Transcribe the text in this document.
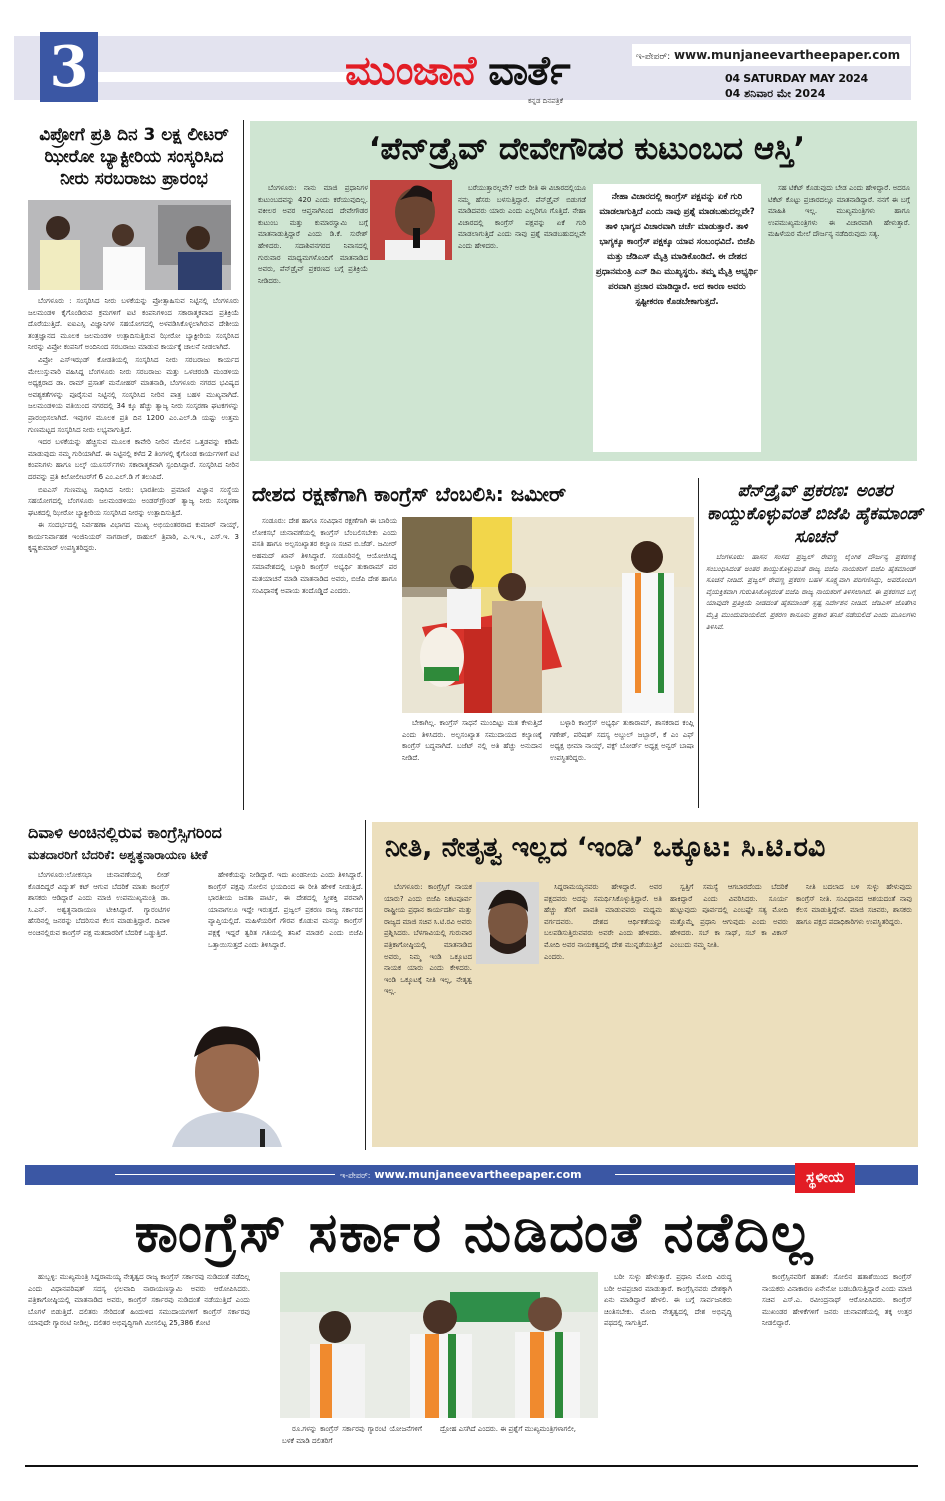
3	ಮುಂಜಾನೆ ವಾರ್ತೆ
ಕನ್ನಡ ದಿನಪತ್ರಿಕೆ
ಇ-ಪೇಪರ್: www.munjaneevartheepaper.com
04 SATURDAY MAY 2024
04 ಶನಿವಾರ ಮೇ 2024
ವಿಪ್ರೋಗೆ ಪ್ರತಿ ದಿನ 3 ಲಕ್ಷ ಲೀಟರ್ ಝೀರೋ ಬ್ಯಾಕ್ಟೀರಿಯ ಸಂಸ್ಕರಿಸಿದ ನೀರು ಸರಬರಾಜು ಪ್ರಾರಂಭ

ಬೆಂಗಳೂರು : ಸಂಸ್ಕರಿಸಿದ ನೀರು ಬಳಕೆಯನ್ನು ಪ್ರೋತ್ಸಾಹಿಸುವ ನಿಟ್ಟಿನಲ್ಲಿ ಬೆಂಗಳೂರು ಜಲಮಂಡಳಿ ಕೈಗೊಂಡಿರುವ ಕ್ರಮಗಳಿಗೆ ಐಟಿ ಕಂಪನಿಗಳಿಂದ ಸಕಾರಾತ್ಮಕವಾದ ಪ್ರತಿಕ್ರಿಯೆ ದೊರೆಯುತ್ತಿದೆ. ಐಐಎಸ್ಸಿ ವಿಜ್ಞಾನಿಗಳ ಸಹಯೋಗದಲ್ಲಿ ಅಳವಡಿಸಿಕೊಳ್ಳಲಾಗಿರುವ ದೇಶೀಯ ತಂತ್ರಜ್ಞಾನದ ಮೂಲಕ ಜಲಮಂಡಳಿ ಉತ್ಪಾದಿಸುತ್ತಿರುವ ಝೀರೋ ಬ್ಯಾಕ್ಟೀರಿಯ ಸಂಸ್ಕರಿಸಿದ ನೀರನ್ನು ವಿಪ್ರೋ ಕಂಪನಿಗೆ ಅಂದಿನಿಂದ ಸರಬರಾಜು ಮಾಡುವ ಕಾರ್ಯಕ್ಕೆ ಚಾಲನೆ ನೀಡಲಾಗಿದೆ.

ವಿಪ್ರೋ ಎಸ್‌ಇಝಡ್ ಕೋಡತಿಯಲ್ಲಿ ಸಂಸ್ಕರಿಸಿದ ನೀರು ಸರಬರಾಜು ಕಾರ್ಯದ ಮೇಲುಸ್ತುವಾರಿ ವಹಿಸಿದ್ದ ಬೆಂಗಳೂರು ನೀರು ಸರಬರಾಜು ಮತ್ತು ಒಳಚರಂಡಿ ಮಂಡಳಿಯ ಅಧ್ಯಕ್ಷರಾದ ಡಾ. ರಾಮ್ ಪ್ರಸಾತ್ ಮನೋಹರ್ ಮಾತನಾಡಿ, ಬೆಂಗಳೂರು ನಗರದ ಭವಿಷ್ಯದ ಅವಶ್ಯಕತೆಗಳನ್ನು ಪೂರೈಸುವ ನಿಟ್ಟಿನಲ್ಲಿ ಸಂಸ್ಕರಿಸಿದ ನೀರಿನ ಪಾತ್ರ ಬಹಳ ಮುಖ್ಯವಾಗಿದೆ. ಜಲಮಂಡಳಿಯ ವತಿಯಿಂದ ನಗರದಲ್ಲಿ 34 ಕ್ಕೂ ಹೆಚ್ಚು ತ್ಯಾಜ್ಯ ನೀರು ಸಂಸ್ಕರಣಾ ಘಟಕಗಳನ್ನು ಪ್ರಾರಂಭಿಸಲಾಗಿದೆ. ಇವುಗಳ ಮೂಲಕ ಪ್ರತಿ ದಿನ 1200 ಎಂ.ಎಲ್.ಡಿ ಯಷ್ಟು ಉತ್ತಮ ಗುಣಮಟ್ಟದ ಸಂಸ್ಕರಿಸಿದ ನೀರು ಲಭ್ಯವಾಗುತ್ತಿದೆ.

ಇದರ ಬಳಕೆಯನ್ನು ಹೆಚ್ಚಿಸುವ ಮೂಲಕ ಕಾವೇರಿ ನೀರಿನ ಮೇಲಿನ ಒತ್ತಡವನ್ನು ಕಡಿಮೆ ಮಾಡುವುದು ನಮ್ಮ ಗುರಿಯಾಗಿದೆ. ಈ ನಿಟ್ಟಿನಲ್ಲಿ ಕಳೆದ 2 ತಿಂಗಳಲ್ಲಿ ಕೈಗೊಂಡ ಕಾರ್ಯಗಳಿಗೆ ಐಟಿ ಕಂಪನಿಗಳು ಹಾಗೂ ಬಲ್ಕ್ ಯೂಸರ್ಸ್‌ಗಳು ಸಕಾರಾತ್ಮಕವಾಗಿ ಸ್ಪಂದಿಸಿದ್ದಾರೆ. ಸಂಸ್ಕರಿಸಿದ ನೀರಿನ ದರವನ್ನು ಪ್ರತಿ ಕಿಲೋಲೀಟರ್‌ಗೆ 6 ಎಂ.ಎಲ್.ಡಿ ಗೆ ತಲುಪಿದೆ.

ಬಿಐಎಸ್ ಗುಣಮಟ್ಟ ಸಾಧಿಸಿದ ನೀರು: ಭಾರತೀಯ ಪ್ರಮಾಣಿ ವಿಜ್ಞಾನ ಸಂಸ್ಥೆಯ ಸಹಯೋಗದಲ್ಲಿ ಬೆಂಗಳೂರು ಜಲಮಂಡಳಿಯು ಅಂಡರ್‌ಗ್ರೌಂಡ್ ತ್ಯಾಜ್ಯ ನೀರು ಸಂಸ್ಕರಣಾ ಘಟಕದಲ್ಲಿ ಝೀರೋ ಬ್ಯಾಕ್ಟೀರಿಯ ಸಂಸ್ಕರಿಸಿದ ನೀರನ್ನು ಉತ್ಪಾದಿಸುತ್ತಿದೆ.

ಈ ಸಂದರ್ಭದಲ್ಲಿ ನಿರ್ವಹಣಾ ವಿಭಾಗದ ಮುಖ್ಯ ಅಭಿಯಂತರರಾದ ಕುಮಾರ್ ನಾಯ್ಕ್, ಕಾರ್ಯನಿರ್ವಾಹಕ ಇಂಜಿನಿಯರ್ ನಾಗರಾಜ್, ರಾಹುಲ್ ತ್ರಿಪಾಠಿ, ಎ.ಇ.ಇ., ಎಸ್.ಇ. 3 ಕೃಷ್ಣಕುಮಾರ್ ಉಪಸ್ಥಿತರಿದ್ದರು.

‘ಪೆನ್‌ಡ್ರೈವ್ ದೇವೇಗೌಡರ ಕುಟುಂಬದ ಆಸ್ತಿ’

ಬೆಂಗಳೂರು: ನಾನು ಮಾಜಿ ಪ್ರಧಾನಿಗಳ ಕುಟುಂಬದವನ್ನು 420 ಎಂದು ಕರೆಯುವುದಿಲ್ಲ. ವಕೀಲರ ಅವರ ಆಪ್ತನಾಗಿನಿಂದ ದೇವೇಗೌಡರ ಕುಟುಂಬ ಮತ್ತು ಕುಮಾರಸ್ವಾಮಿ ಬಗ್ಗೆ ಮಾತನಾಡುತ್ತಿದ್ದಾರೆ ಎಂದು ಡಿ.ಕೆ. ಸುರೇಶ್ ಹೇಳಿದರು. ಸದಾಶಿವನಗರದ ನಿವಾಸದಲ್ಲಿ ಗುರುವಾರ ಮಾಧ್ಯಮಗಳೊಂದಿಗೆ ಮಾತನಾಡಿದ ಅವರು, ಪೆನ್‌ಡ್ರೈವ್ ಪ್ರಕರಣದ ಬಗ್ಗೆ ಪ್ರತಿಕ್ರಿಯೆ ನೀಡಿದರು.

ಬರೆಯುತ್ತಾರಲ್ಲವೇ? ಅದೇ ರೀತಿ ಈ ವಿಚಾರದಲ್ಲಿಯೂ ನಮ್ಮ ಹೆಸರು ಬಳಸುತ್ತಿದ್ದಾರೆ. ಪೆನ್‌ಡ್ರೈವ್ ಬಿಡುಗಡೆ ಮಾಡಿದವರು ಯಾರು ಎಂದು ಎಲ್ಲರಿಗೂ ಗೊತ್ತಿದೆ. ನೇಹಾ ವಿಚಾರದಲ್ಲಿ ಕಾಂಗ್ರೆಸ್ ಪಕ್ಷವನ್ನು ಏಕೆ ಗುರಿ ಮಾಡಲಾಗುತ್ತಿದೆ ಎಂದು ನಾವು ಪ್ರಶ್ನೆ ಮಾಡಬಹುದಲ್ಲವೇ ಎಂದು ಹೇಳಿದರು.

ನೇಹಾ ವಿಚಾರದಲ್ಲಿ ಕಾಂಗ್ರೆಸ್ ಪಕ್ಷವನ್ನು ಏಕೆ ಗುರಿ ಮಾಡಲಾಗುತ್ತಿದೆ ಎಂದು ನಾವು ಪ್ರಶ್ನೆ ಮಾಡಬಹುದಲ್ಲವೇ? ತಾಳಿ ಭಾಗ್ಯದ ವಿಚಾರವಾಗಿ ಚರ್ಚೆ ಮಾಡುತ್ತಾರೆ. ತಾಳಿ ಭಾಗ್ಯಕ್ಕೂ ಕಾಂಗ್ರೆಸ್ ಪಕ್ಷಕ್ಕೂ ಯಾವ ಸಂಬಂಧವಿದೆ. ಬಿಜೆಪಿ ಮತ್ತು ಜೆಡಿಎಸ್ ಮೈತ್ರಿ ಮಾಡಿಕೊಂಡಿದೆ. ಈ ದೇಶದ ಪ್ರಧಾನಮಂತ್ರಿ ಎನ್ ಡಿಎ ಮುಖ್ಯಸ್ಥರು. ತಮ್ಮ ಮೈತ್ರಿ ಅಭ್ಯರ್ಥಿ ಪರವಾಗಿ ಪ್ರಚಾರ ಮಾಡಿದ್ದಾರೆ. ಅದ ಕಾರಣ ಅವರು ಸ್ಪಷ್ಟೀಕರಣ ಕೊಡಬೇಕಾಗುತ್ತದೆ.

ಸಹ ಟಿಕೆಟ್ ಕೊಡುವುದು ಬೇಡ ಎಂದು ಹೇಳಿದ್ದಾರೆ. ಅದರೂ ಟಿಕೆಟ್ ಕೊಟ್ಟು ಪ್ರಚಾರದಲ್ಲೂ ಮಾತನಾಡಿದ್ದಾರೆ. ನನಗೆ ಈ ಬಗ್ಗೆ ಮಾಹಿತಿ ಇಲ್ಲ. ಮುಖ್ಯಮಂತ್ರಿಗಳು ಹಾಗೂ ಉಪಮುಖ್ಯಮಂತ್ರಿಗಳು ಈ ವಿಚಾರವಾಗಿ ಹೇಳುತ್ತಾರೆ. ಮಹಿಳೆಯರ ಮೇಲೆ ದೌರ್ಜನ್ಯ ನಡೆದಿರುವುದು ಸತ್ಯ.

ದೇಶದ ರಕ್ಷಣೆಗಾಗಿ ಕಾಂಗ್ರೆಸ್ ಬೆಂಬಲಿಸಿ: ಜಮೀರ್

ಸಂಡೂರು: ದೇಶ ಹಾಗೂ ಸಂವಿಧಾನ ರಕ್ಷಣೆಗಾಗಿ ಈ ಬಾರಿಯ ಲೋಕಸಭೆ ಚುನಾವಣೆಯಲ್ಲಿ ಕಾಂಗ್ರೆಸ್ ಬೆಂಬಲಿಸಬೇಕು ಎಂದು ವಸತಿ ಹಾಗೂ ಅಲ್ಪಸಂಖ್ಯಾತರ ಕಲ್ಯಾಣ ಸಚಿವ ಬಿ.ಜೆಡ್. ಜಮೀರ್ ಅಹಮದ್ ಖಾನ್ ತಿಳಿಸಿದ್ದಾರೆ. ಸಂಡೂರಿನಲ್ಲಿ ಆಯೋಜಿಸಿದ್ದ ಸಮಾವೇಶದಲ್ಲಿ ಬಳ್ಳಾರಿ ಕಾಂಗ್ರೆಸ್ ಅಭ್ಯರ್ಥಿ ತುಕಾರಾಮ್ ಪರ ಮತಯಾಚನೆ ಮಾಡಿ ಮಾತನಾಡಿದ ಅವರು, ಬಿಜೆಪಿ ದೇಶ ಹಾಗೂ ಸಂವಿಧಾನಕ್ಕೆ ಅಪಾಯ ತಂದೊಡ್ಡಿದೆ ಎಂದರು.

ಬೇಕಾಗಿಲ್ಲ. ಕಾಂಗ್ರೆಸ್ ಸಾಧನೆ ಮುಂದಿಟ್ಟು ಮತ ಕೇಳುತ್ತಿದೆ ಎಂದು ತಿಳಿಸಿದರು. ಅಲ್ಪಸಂಖ್ಯಾತ ಸಮುದಾಯದ ಕಲ್ಯಾಣಕ್ಕೆ ಕಾಂಗ್ರೆಸ್ ಬದ್ಧವಾಗಿದೆ. ಬಜೆಟ್ ನಲ್ಲಿ ಅತಿ ಹೆಚ್ಚು ಅನುದಾನ ನೀಡಿದೆ.

ಬಳ್ಳಾರಿ ಕಾಂಗ್ರೆಸ್ ಅಭ್ಯರ್ಥಿ ತುಕಾರಾಮ್, ಶಾಸಕರಾದ ಕಂಪ್ಲಿ ಗಣೇಶ್, ಪರಿಷತ್ ಸದಸ್ಯ ಅಬ್ದುಲ್ ಜಬ್ಬಾರ್, ಕೆ ಎಂ ಎಫ್ ಅಧ್ಯಕ್ಷ ಭೀಮಾ ನಾಯ್ಕ್, ವಕ್ಫ್ ಬೋರ್ಡ್ ಅಧ್ಯಕ್ಷ ಅನ್ವರ್ ಬಾಷಾ ಉಪಸ್ಥಿತರಿದ್ದರು.

ಪೆನ್‌ಡ್ರೈವ್ ಪ್ರಕರಣ: ಅಂತರ ಕಾಯ್ದುಕೊಳ್ಳುವಂತೆ ಬಿಜೆಪಿ ಹೈಕಮಾಂಡ್ ಸೂಚನೆ

ಬೆಂಗಳೂರು: ಹಾಸನ ಸಂಸದ ಪ್ರಜ್ವಲ್ ರೇವಣ್ಣ ಲೈಂಗಿಕ ದೌರ್ಜನ್ಯ ಪ್ರಕರಣಕ್ಕೆ ಸಂಬಂಧಿಸಿದಂತೆ ಅಂತರ ಕಾಯ್ದುಕೊಳ್ಳುವಂತೆ ರಾಜ್ಯ ಬಿಜೆಪಿ ನಾಯಕರಿಗೆ ಬಿಜೆಪಿ ಹೈಕಮಾಂಡ್ ಸೂಚನೆ ನೀಡಿದೆ. ಪ್ರಜ್ವಲ್ ರೇವಣ್ಣ ಪ್ರಕರಣ ಬಹಳ ಸೂಕ್ಷ್ಮವಾಗಿ ಪರಿಗಣಿಸಿದ್ದು, ಅವರೊಂದಿಗೆ ವೈಯಕ್ತಿಕವಾಗಿ ಗುರುತಿಸಿಕೊಳ್ಳದಂತೆ ಬಿಜೆಪಿ ರಾಜ್ಯ ನಾಯಕರಿಗೆ ತಿಳಿಸಲಾಗಿದೆ. ಈ ಪ್ರಕರಣದ ಬಗ್ಗೆ ಯಾವುದೇ ಪ್ರತಿಕ್ರಿಯೆ ನೀಡದಂತೆ ಹೈಕಮಾಂಡ್ ಸ್ಪಷ್ಟ ನಿರ್ದೇಶನ ನೀಡಿದೆ. ಜೆಡಿಎಸ್ ಜೊತೆಗಿನ ಮೈತ್ರಿ ಮುಂದುವರಿಯಲಿದೆ. ಪ್ರಕರಣ ಕಾನೂನು ಪ್ರಕಾರ ತನಿಖೆ ನಡೆಯಲಿದೆ ಎಂದು ಮೂಲಗಳು ತಿಳಿಸಿವೆ.

ದಿವಾಳಿ ಅಂಚಿನಲ್ಲಿರುವ ಕಾಂಗ್ರೆಸ್ಸಿಗರಿಂದ
ಮತದಾರರಿಗೆ ಬೆದರಿಕೆ: ಅಶ್ವತ್ಥನಾರಾಯಣ ಟೀಕೆ

ಬೆಂಗಳೂರು:ಲೋಕಸಭಾ ಚುನಾವಣೆಯಲ್ಲಿ ಲೀಡ್ ಕೊಡದಿದ್ದರೆ ವಿದ್ಯುತ್ ಕಟ್ ಆಗುವ ಬೆದರಿಕೆ ಮಾತು ಕಾಂಗ್ರೆಸ್ ಶಾಸಕರು ಆಡಿದ್ದಾರೆ ಎಂದು ಮಾಜಿ ಉಪಮುಖ್ಯಮಂತ್ರಿ ಡಾ. ಸಿ.ಎನ್. ಅಶ್ವತ್ಥನಾರಾಯಣ ಟೀಕಿಸಿದ್ದಾರೆ. ಗ್ಯಾರಂಟಿಗಳ ಹೆಸರಿನಲ್ಲಿ ಜನರನ್ನು ಬೆದರಿಸುವ ಕೆಲಸ ಮಾಡುತ್ತಿದ್ದಾರೆ. ದಿವಾಳಿ ಅಂಚಿನಲ್ಲಿರುವ ಕಾಂಗ್ರೆಸ್ ಪಕ್ಷ ಮತದಾರರಿಗೆ ಬೆದರಿಕೆ ಒಡ್ಡುತ್ತಿದೆ.

ಹೇಳಿಕೆಯನ್ನು ನೀಡಿದ್ದಾರೆ. ಇದು ಖಂಡನೀಯ ಎಂದು ತಿಳಿಸಿದ್ದಾರೆ. ಕಾಂಗ್ರೆಸ್ ಪಕ್ಷವು ಸೋಲಿನ ಭಯದಿಂದ ಈ ರೀತಿ ಹೇಳಿಕೆ ನೀಡುತ್ತಿದೆ. ಭಾರತೀಯ ಜನತಾ ಪಾರ್ಟಿ, ಈ ದೇಶದಲ್ಲಿ ಸ್ತ್ರೀಶಕ್ತಿ ಪರವಾಗಿ ಯಾವಾಗಲೂ ಇದ್ದೇ ಇರುತ್ತದೆ. ಪ್ರಜ್ವಲ್ ಪ್ರಕರಣ ರಾಜ್ಯ ಸರ್ಕಾರದ ವ್ಯಾಪ್ತಿಯಲ್ಲಿದೆ. ಮಹಿಳೆಯರಿಗೆ ಗೌರವ ಕೊಡುವ ಮನಸ್ಸು ಕಾಂಗ್ರೆಸ್ ಪಕ್ಷಕ್ಕೆ ಇದ್ದರೆ ತ್ವರಿತ ಗತಿಯಲ್ಲಿ ತನಿಖೆ ಮಾಡಲಿ ಎಂದು ಬಿಜೆಪಿ ಒತ್ತಾಯಿಸುತ್ತದೆ ಎಂದು ತಿಳಿಸಿದ್ದಾರೆ.

ನೀತಿ, ನೇತೃತ್ವ ಇಲ್ಲದ ‘ಇಂಡಿ’ ಒಕ್ಕೂಟ: ಸಿ.ಟಿ.ರವಿ

ಬೆಂಗಳೂರು: ಕಾಂಗ್ರೆಸ್ಸಿಗೆ ನಾಯಕ ಯಾರು? ಎಂದು ಬಿಜೆಪಿ ನಿಕಟಪೂರ್ವ ರಾಷ್ಟ್ರೀಯ ಪ್ರಧಾನ ಕಾರ್ಯದರ್ಶಿ ಮತ್ತು ರಾಜ್ಯದ ಮಾಜಿ ಸಚಿವ ಸಿ.ಟಿ.ರವಿ ಅವರು ಪ್ರಶ್ನಿಸಿದರು. ಬೆಳಗಾವಿಯಲ್ಲಿ ಗುರುವಾರ ಪತ್ರಿಕಾಗೋಷ್ಠಿಯಲ್ಲಿ ಮಾತನಾಡಿದ ಅವರು, ನಿಮ್ಮ ಇಂಡಿ ಒಕ್ಕೂಟದ ನಾಯಕ ಯಾರು ಎಂದು ಕೇಳಿದರು. ಇಂಡಿ ಒಕ್ಕೂಟಕ್ಕೆ ನೀತಿ ಇಲ್ಲ, ನೇತೃತ್ವ ಇಲ್ಲ.

ಸಿದ್ದರಾಮಯ್ಯನವರು ಹೇಳಿದ್ದಾರೆ. ಅವರ ಪಕ್ಷದವರು ಅದನ್ನು ಸಮರ್ಥಿಸಿಕೊಳ್ಳುತ್ತಿದ್ದಾರೆ. ಅತಿ ಹೆಚ್ಚು ತೆರಿಗೆ ಪಾವತಿ ಮಾಡುವವರು ಮಧ್ಯಮ ವರ್ಗದವರು. ದೇಶದ ಆರ್ಥಿಕತೆಯನ್ನು ಬಲಪಡಿಸುತ್ತಿರುವವರು ಅವರೇ ಎಂದು ಹೇಳಿದರು. ಮೋದಿ ಅವರ ನಾಯಕತ್ವದಲ್ಲಿ ದೇಶ ಮುನ್ನಡೆಯುತ್ತಿದೆ ಎಂದರು.

ಸ್ವತ್ತಿಗೆ ಸಮಸ್ಯೆ ಆಗಬಾರದೆಂದು ಬೆದರಿಕೆ ಹಾಕಿದ್ದಾರೆ ಎಂದು ವಿವರಿಸಿದರು. ಸೂರ್ಯ ಹುಟ್ಟುವುದು ಪೂರ್ವದಲ್ಲಿ ಎಂಬಷ್ಟೇ ಸತ್ಯ ಮೋದಿ ಮತ್ತೊಮ್ಮೆ ಪ್ರಧಾನಿ ಆಗುವುದು ಎಂದು ಅವರು ಹೇಳಿದರು. ಸಬ್ ಕಾ ಸಾಥ್, ಸಬ್ ಕಾ ವಿಕಾಸ್ ಎಂಬುದು ನಮ್ಮ ನೀತಿ.

ನೀತಿ ಬದಲಾದ ಬಳಿ ಸುಳ್ಳು ಹೇಳುವುದು ಕಾಂಗ್ರೆಸ್ ನೀತಿ. ಸಂವಿಧಾನದ ಆಶಯದಂತೆ ನಾವು ಕೆಲಸ ಮಾಡುತ್ತಿದ್ದೇವೆ. ಮಾಜಿ ಸಚಿವರು, ಶಾಸಕರು ಹಾಗೂ ಪಕ್ಷದ ಪದಾಧಿಕಾರಿಗಳು ಉಪಸ್ಥಿತರಿದ್ದರು.

ಇ-ಪೇಪರ್: www.munjaneevartheepaper.com	ಸ್ಥಳೀಯ
ಕಾಂಗ್ರೆಸ್ ಸರ್ಕಾರ ನುಡಿದಂತೆ ನಡೆದಿಲ್ಲ

ಹುಬ್ಬಳ್ಳಿ: ಮುಖ್ಯಮಂತ್ರಿ ಸಿದ್ದರಾಮಯ್ಯ ನೇತೃತ್ವದ ರಾಜ್ಯ ಕಾಂಗ್ರೆಸ್ ಸರ್ಕಾರವು ನುಡಿದಂತೆ ನಡೆದಿಲ್ಲ ಎಂದು ವಿಧಾನಪರಿಷತ್ ಸದಸ್ಯ ಛಲವಾದಿ ನಾರಾಯಣಸ್ವಾಮಿ ಅವರು ಆರೋಪಿಸಿದರು. ಪತ್ರಿಕಾಗೋಷ್ಠಿಯಲ್ಲಿ ಮಾತನಾಡಿದ ಅವರು, ಕಾಂಗ್ರೆಸ್ ಸರ್ಕಾರವು ನುಡಿದಂತೆ ನಡೆಯುತ್ತಿದೆ ಎಂದು ಬೊಗಳೆ ಬಿಡುತ್ತಿದೆ. ದಲಿತರು ಸೇರಿದಂತೆ ಹಿಂದುಳಿದ ಸಮುದಾಯಗಳಿಗೆ ಕಾಂಗ್ರೆಸ್ ಸರ್ಕಾರವು ಯಾವುದೇ ಗ್ಯಾರಂಟಿ ನೀಡಿಲ್ಲ. ದಲಿತರ ಅಭಿವೃದ್ಧಿಗಾಗಿ ಮೀಸಲಿಟ್ಟ 25,386 ಕೋಟಿ

ರೂ.ಗಳನ್ನು ಕಾಂಗ್ರೆಸ್ ಸರ್ಕಾರವು ಗ್ಯಾರಂಟಿ ಯೋಜನೆಗಳಿಗೆ ಬಳಕೆ ಮಾಡಿ ದಲಿತರಿಗೆ

ದ್ರೋಹ ಎಸಗಿದೆ ಎಂದರು. ಈ ಪ್ರಶ್ನೆಗೆ ಮುಖ್ಯಮಂತ್ರಿಗಳಾಗಲೀ,

ಬರೀ ಸುಳ್ಳು ಹೇಳುತ್ತಾರೆ. ಪ್ರಧಾನಿ ಮೋದಿ ವಿರುದ್ಧ ಬರೀ ಅಪಪ್ರಚಾರ ಮಾಡುತ್ತಾರೆ. ಕಾಂಗ್ರೆಸ್ಸಿನವರು ದೇಶಕ್ಕಾಗಿ ಏನು ಮಾಡಿದ್ದಾರೆ ಹೇಳಲಿ. ಈ ಬಗ್ಗೆ ಸಾರ್ವಜನಿಕರು ಚಿಂತಿಸಬೇಕು. ಮೋದಿ ನೇತೃತ್ವದಲ್ಲಿ ದೇಶ ಅಭಿವೃದ್ಧಿ ಪಥದಲ್ಲಿ ಸಾಗುತ್ತಿದೆ.

ಕಾಂಗ್ರೆಸ್ಸಿನವರಿಗೆ ಹತಾಶೆ: ಸೋಲಿನ ಹತಾಶೆಯಿಂದ ಕಾಂಗ್ರೆಸ್ ನಾಯಕರು ವಿನಾಕಾರಣ ಏನೇನೋ ಬಡಬಡಿಸುತ್ತಿದ್ದಾರೆ ಎಂದು ಮಾಜಿ ಸಚಿವ ಎಸ್.ಎ. ರವೀಂದ್ರನಾಥ್ ಆರೋಪಿಸಿದರು. ಕಾಂಗ್ರೆಸ್ ಮುಖಂಡರ ಹೇಳಿಕೆಗಳಿಗೆ ಜನರು ಚುನಾವಣೆಯಲ್ಲಿ ತಕ್ಕ ಉತ್ತರ ನೀಡಲಿದ್ದಾರೆ.
